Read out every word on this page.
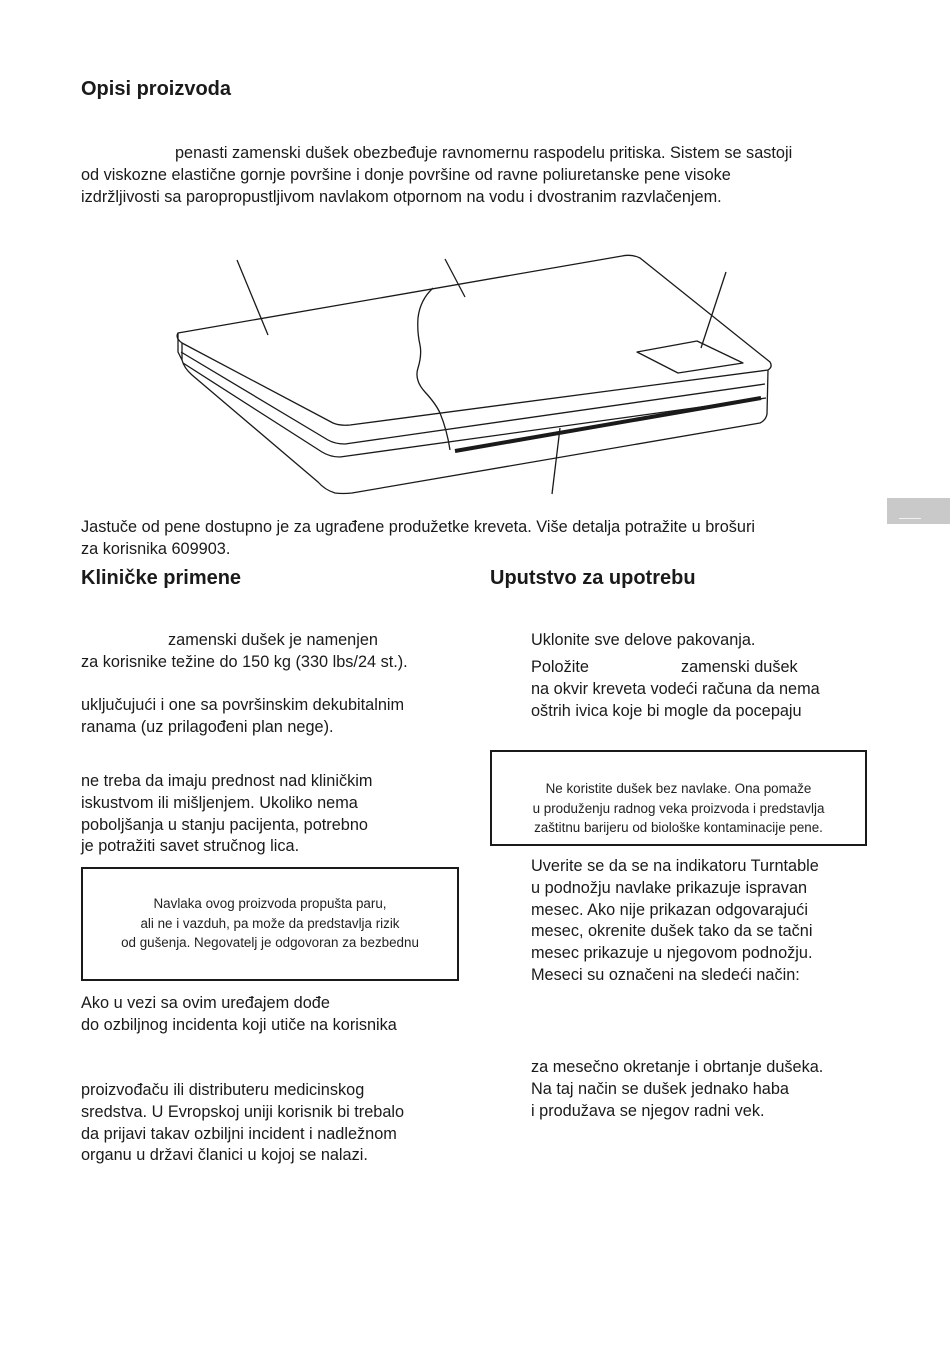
Opisi proizvoda
penasti zamenski dušek obezbeđuje ravnomernu raspodelu pritiska. Sistem se sastoji
od viskozne elastične gornje površine i donje površine od ravne poliuretanske pene visoke
izdržljivosti sa paropropustljivom navlakom otpornom na vodu i dvostranim razvlačenjem.
Jastuče od pene dostupno je za ugrađene produžetke kreveta. Više detalja potražite u brošuri
za korisnika 609903.
Kliničke primene
zamenski dušek je namenjen
za korisnike težine do 150 kg (330 lbs/24 st.).
uključujući i one sa površinskim dekubitalnim
ranama (uz prilagođeni plan nege).
ne treba da imaju prednost nad kliničkim
iskustvom ili mišljenjem. Ukoliko nema
poboljšanja u stanju pacijenta, potrebno
je potražiti savet stručnog lica.
Navlaka ovog proizvoda propušta paru,
ali ne i vazduh, pa može da predstavlja rizik
od gušenja. Negovatelj je odgovoran za bezbednu
Ako u vezi sa ovim uređajem dođe
do ozbiljnog incidenta koji utiče na korisnika
proizvođaču ili distributeru medicinskog
sredstva. U Evropskoj uniji korisnik bi trebalo
da prijavi takav ozbiljni incident i nadležnom
organu u državi članici u kojoj se nalazi.
Uputstvo za upotrebu
Uklonite sve delove pakovanja.
Položite	zamenski dušek
na okvir kreveta vodeći računa da nema
oštrih ivica koje bi mogle da pocepaju
Ne koristite dušek bez navlake. Ona pomaže
u produženju radnog veka proizvoda i predstavlja
zaštitnu barijeru od biološke kontaminacije pene.
Uverite se da se na indikatoru Turntable
u podnožju navlake prikazuje ispravan
mesec. Ako nije prikazan odgovarajući
mesec, okrenite dušek tako da se tačni
mesec prikazuje u njegovom podnožju.
Meseci su označeni na sledeći način:
za mesečno okretanje i obrtanje dušeka.
Na taj način se dušek jednako haba
i produžava se njegov radni vek.
